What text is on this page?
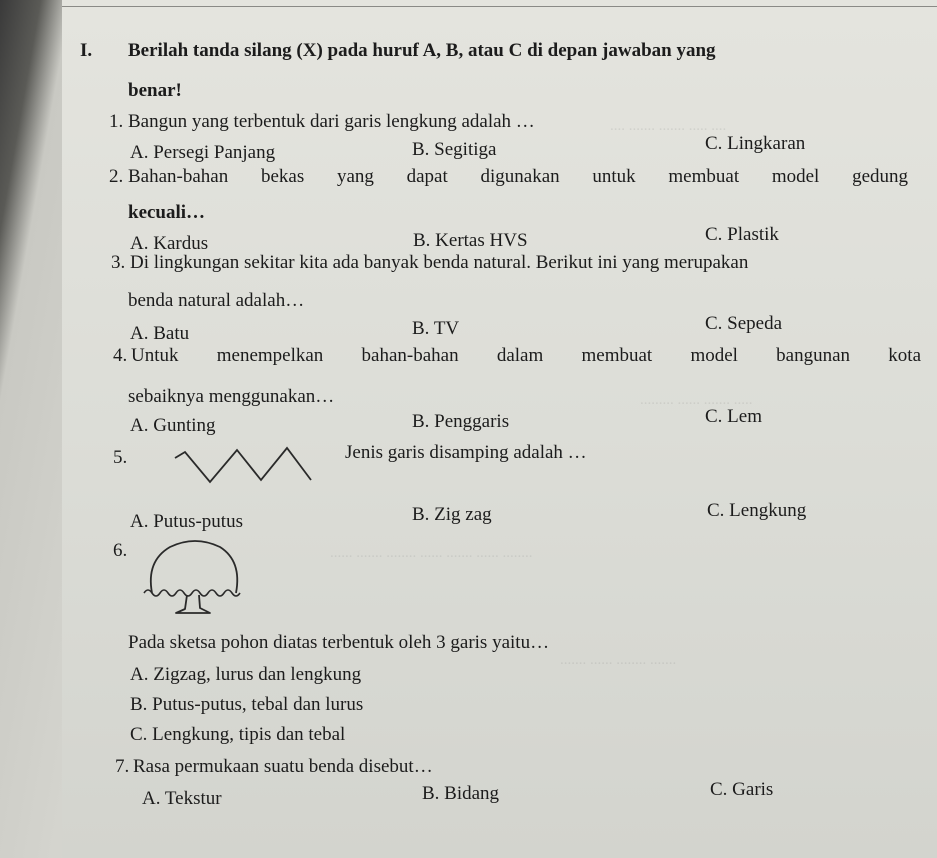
.... ....... ....... ..... ....
......... ...... ....... .....
...... ....... ........ ...... ....... ...... ........
....... ...... ........ .......
I. Berilah tanda silang (X) pada huruf A, B, atau C di depan jawaban yang
benar!
1. Bangun yang terbentuk dari garis lengkung adalah …
A. Persegi Panjang	B. Segitiga	C. Lingkaran
2. Bahan-bahan bekas yang dapat digunakan untuk membuat model gedung
kecuali…
A. Kardus	B. Kertas HVS	C. Plastik
3. Di lingkungan sekitar kita ada banyak benda natural. Berikut ini yang merupakan
benda natural adalah…
A. Batu	B. TV	C. Sepeda
4. Untuk menempelkan bahan-bahan dalam membuat model bangunan kota
sebaiknya menggunakan…
A. Gunting	B. Penggaris	C. Lem
5.	Jenis garis disamping adalah …
A. Putus-putus	B. Zig zag	C. Lengkung
6.
Pada sketsa pohon diatas terbentuk oleh 3 garis yaitu…
A. Zigzag, lurus dan lengkung
B. Putus-putus, tebal dan lurus
C. Lengkung, tipis dan tebal
7. Rasa permukaan suatu benda disebut…
A. Tekstur	B. Bidang	C. Garis
